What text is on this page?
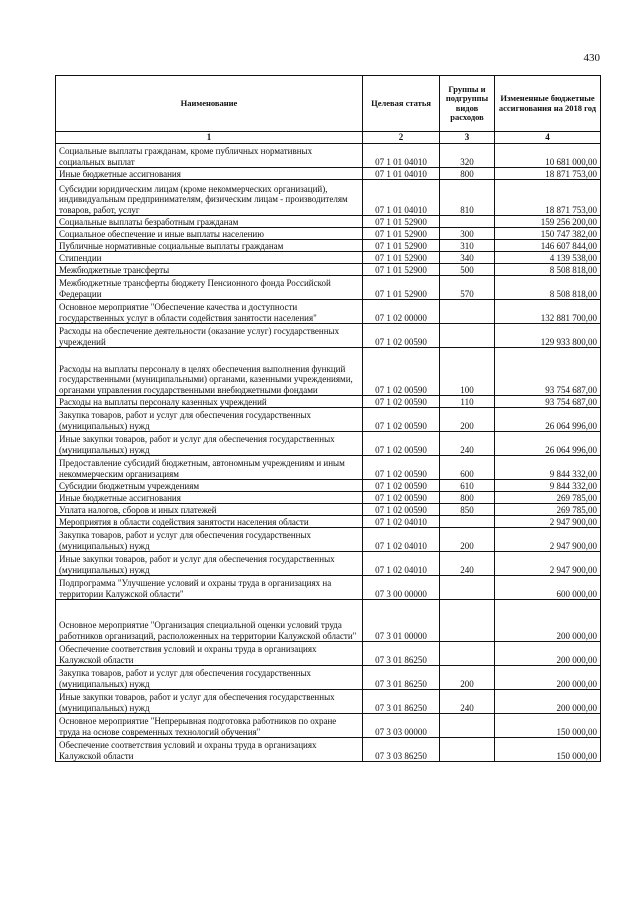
430
Наименование	Целевая статья	Группы и подгруппы видов расходов	Измененные бюджетные ассигнования на 2018 год
1	2	3	4
Социальные выплаты гражданам, кроме публичных нормативных социальных выплат	07 1 01 04010	320	10 681 000,00
Иные бюджетные ассигнования	07 1 01 04010	800	18 871 753,00
Субсидии юридическим лицам (кроме некоммерческих организаций), индивидуальным предпринимателям, физическим лицам - производителям товаров, работ, услуг	07 1 01 04010	810	18 871 753,00
Социальные выплаты безработным гражданам	07 1 01 52900		159 256 200,00
Социальное обеспечение и иные выплаты населению	07 1 01 52900	300	150 747 382,00
Публичные нормативные социальные выплаты гражданам	07 1 01 52900	310	146 607 844,00
Стипендии	07 1 01 52900	340	4 139 538,00
Межбюджетные трансферты	07 1 01 52900	500	8 508 818,00
Межбюджетные трансферты бюджету Пенсионного фонда Российской Федерации	07 1 01 52900	570	8 508 818,00
Основное мероприятие "Обеспечение качества и доступности государственных услуг в области содействия занятости населения"	07 1 02 00000		132 881 700,00
Расходы на обеспечение деятельности (оказание услуг) государственных учреждений	07 1 02 00590		129 933 800,00
Расходы на выплаты персоналу в целях обеспечения выполнения функций государственными (муниципальными) органами, казенными учреждениями, органами управления государственными внебюджетными фондами	07 1 02 00590	100	93 754 687,00
Расходы на выплаты персоналу казенных учреждений	07 1 02 00590	110	93 754 687,00
Закупка товаров, работ и услуг для обеспечения государственных (муниципальных) нужд	07 1 02 00590	200	26 064 996,00
Иные закупки товаров, работ и услуг для обеспечения государственных (муниципальных) нужд	07 1 02 00590	240	26 064 996,00
Предоставление субсидий бюджетным, автономным учреждениям и иным некоммерческим организациям	07 1 02 00590	600	9 844 332,00
Субсидии бюджетным учреждениям	07 1 02 00590	610	9 844 332,00
Иные бюджетные ассигнования	07 1 02 00590	800	269 785,00
Уплата налогов, сборов и иных платежей	07 1 02 00590	850	269 785,00
Мероприятия в области содействия занятости населения области	07 1 02 04010		2 947 900,00
Закупка товаров, работ и услуг для обеспечения государственных (муниципальных) нужд	07 1 02 04010	200	2 947 900,00
Иные закупки товаров, работ и услуг для обеспечения государственных (муниципальных) нужд	07 1 02 04010	240	2 947 900,00
Подпрограмма "Улучшение условий и охраны труда в организациях на территории Калужской области"	07 3 00 00000		600 000,00
Основное мероприятие "Организация специальной оценки условий труда работников организаций, расположенных на территории Калужской области"	07 3 01 00000		200 000,00
Обеспечение соответствия условий и охраны труда в организациях Калужской области	07 3 01 86250		200 000,00
Закупка товаров, работ и услуг для обеспечения государственных (муниципальных) нужд	07 3 01 86250	200	200 000,00
Иные закупки товаров, работ и услуг для обеспечения государственных (муниципальных) нужд	07 3 01 86250	240	200 000,00
Основное мероприятие "Непрерывная подготовка работников по охране труда на основе современных технологий обучения"	07 3 03 00000		150 000,00
Обеспечение соответствия условий и охраны труда в организациях Калужской области	07 3 03 86250		150 000,00
